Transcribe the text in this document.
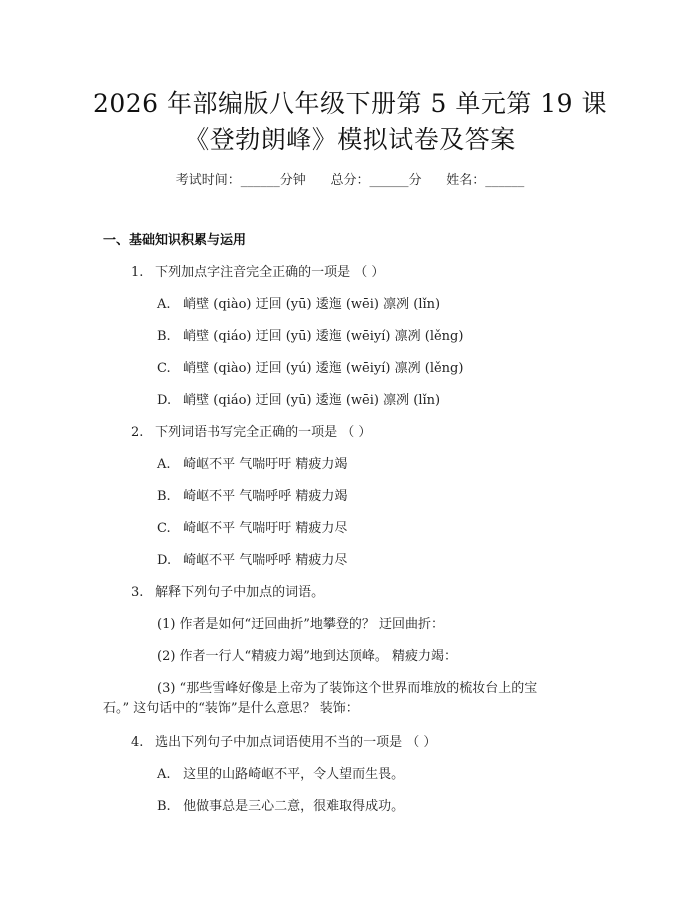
2026 年部编版八年级下册第 5 单元第 19 课
《登勃朗峰》模拟试卷及答案
考试时间：______分钟      总分：______分      姓名：______
一、基础知识积累与运用
1. 下列加点字注音完全正确的一项是 （ ）
A. 峭壁 (qiào) 迂回 (yū) 逶迤 (wēi) 凛冽 (lǐn)
B. 峭壁 (qiáo) 迂回 (yū) 逶迤 (wēiyí) 凛冽 (lěng)
C. 峭壁 (qiào) 迂回 (yú) 逶迤 (wēiyí) 凛冽 (lěng)
D. 峭壁 (qiáo) 迂回 (yū) 逶迤 (wēi) 凛冽 (lǐn)
2. 下列词语书写完全正确的一项是 （ ）
A. 崎岖不平 气喘吁吁 精疲力竭
B. 崎岖不平 气喘呼呼 精疲力竭
C. 崎岖不平 气喘吁吁 精疲力尽
D. 崎岖不平 气喘呼呼 精疲力尽
3. 解释下列句子中加点的词语。
(1) 作者是如何“迂回曲折”地攀登的？ 迂回曲折：
(2) 作者一行人“精疲力竭”地到达顶峰。 精疲力竭：
(3) “那些雪峰好像是上帝为了装饰这个世界而堆放的梳妆台上的宝
石。” 这句话中的“装饰”是什么意思？ 装饰：
4. 选出下列句子中加点词语使用不当的一项是 （ ）
A. 这里的山路崎岖不平，令人望而生畏。
B. 他做事总是三心二意，很难取得成功。
